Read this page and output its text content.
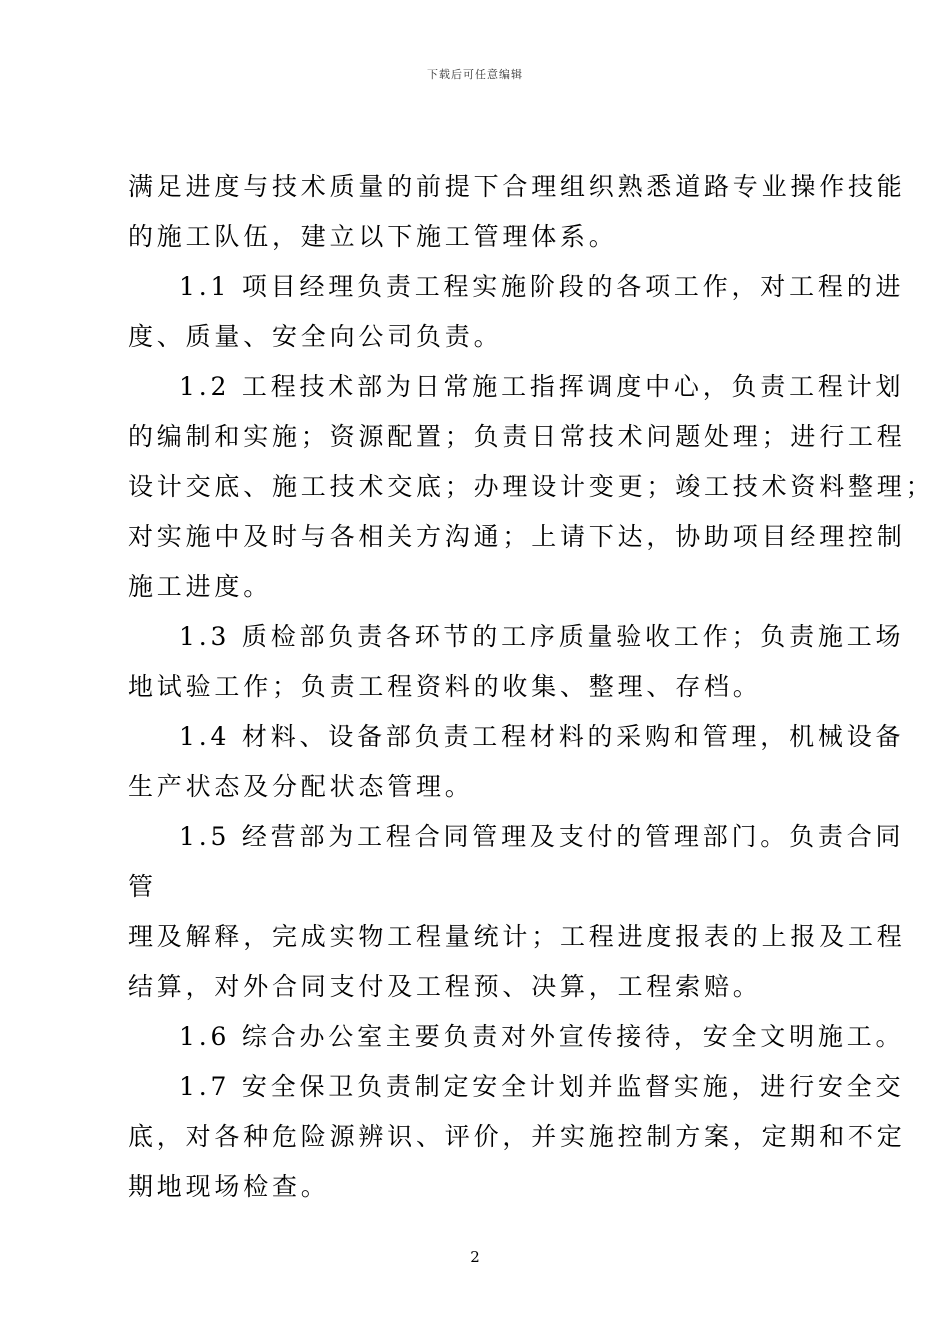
下载后可任意编辑
满足进度与技术质量的前提下合理组织熟悉道路专业操作技能
的施工队伍，建立以下施工管理体系。
1.1 项目经理负责工程实施阶段的各项工作，对工程的进
度、质量、安全向公司负责。
1.2 工程技术部为日常施工指挥调度中心，负责工程计划
的编制和实施；资源配置；负责日常技术问题处理；进行工程
设计交底、施工技术交底；办理设计变更；竣工技术资料整理；
对实施中及时与各相关方沟通；上请下达，协助项目经理控制
施工进度。
1.3 质检部负责各环节的工序质量验收工作；负责施工场
地试验工作；负责工程资料的收集、整理、存档。
1.4 材料、设备部负责工程材料的采购和管理，机械设备
生产状态及分配状态管理。
1.5 经营部为工程合同管理及支付的管理部门。负责合同
管
理及解释，完成实物工程量统计；工程进度报表的上报及工程
结算，对外合同支付及工程预、决算，工程索赔。
1.6 综合办公室主要负责对外宣传接待，安全文明施工。
1.7 安全保卫负责制定安全计划并监督实施，进行安全交
底，对各种危险源辨识、评价，并实施控制方案，定期和不定
期地现场检查。
2
